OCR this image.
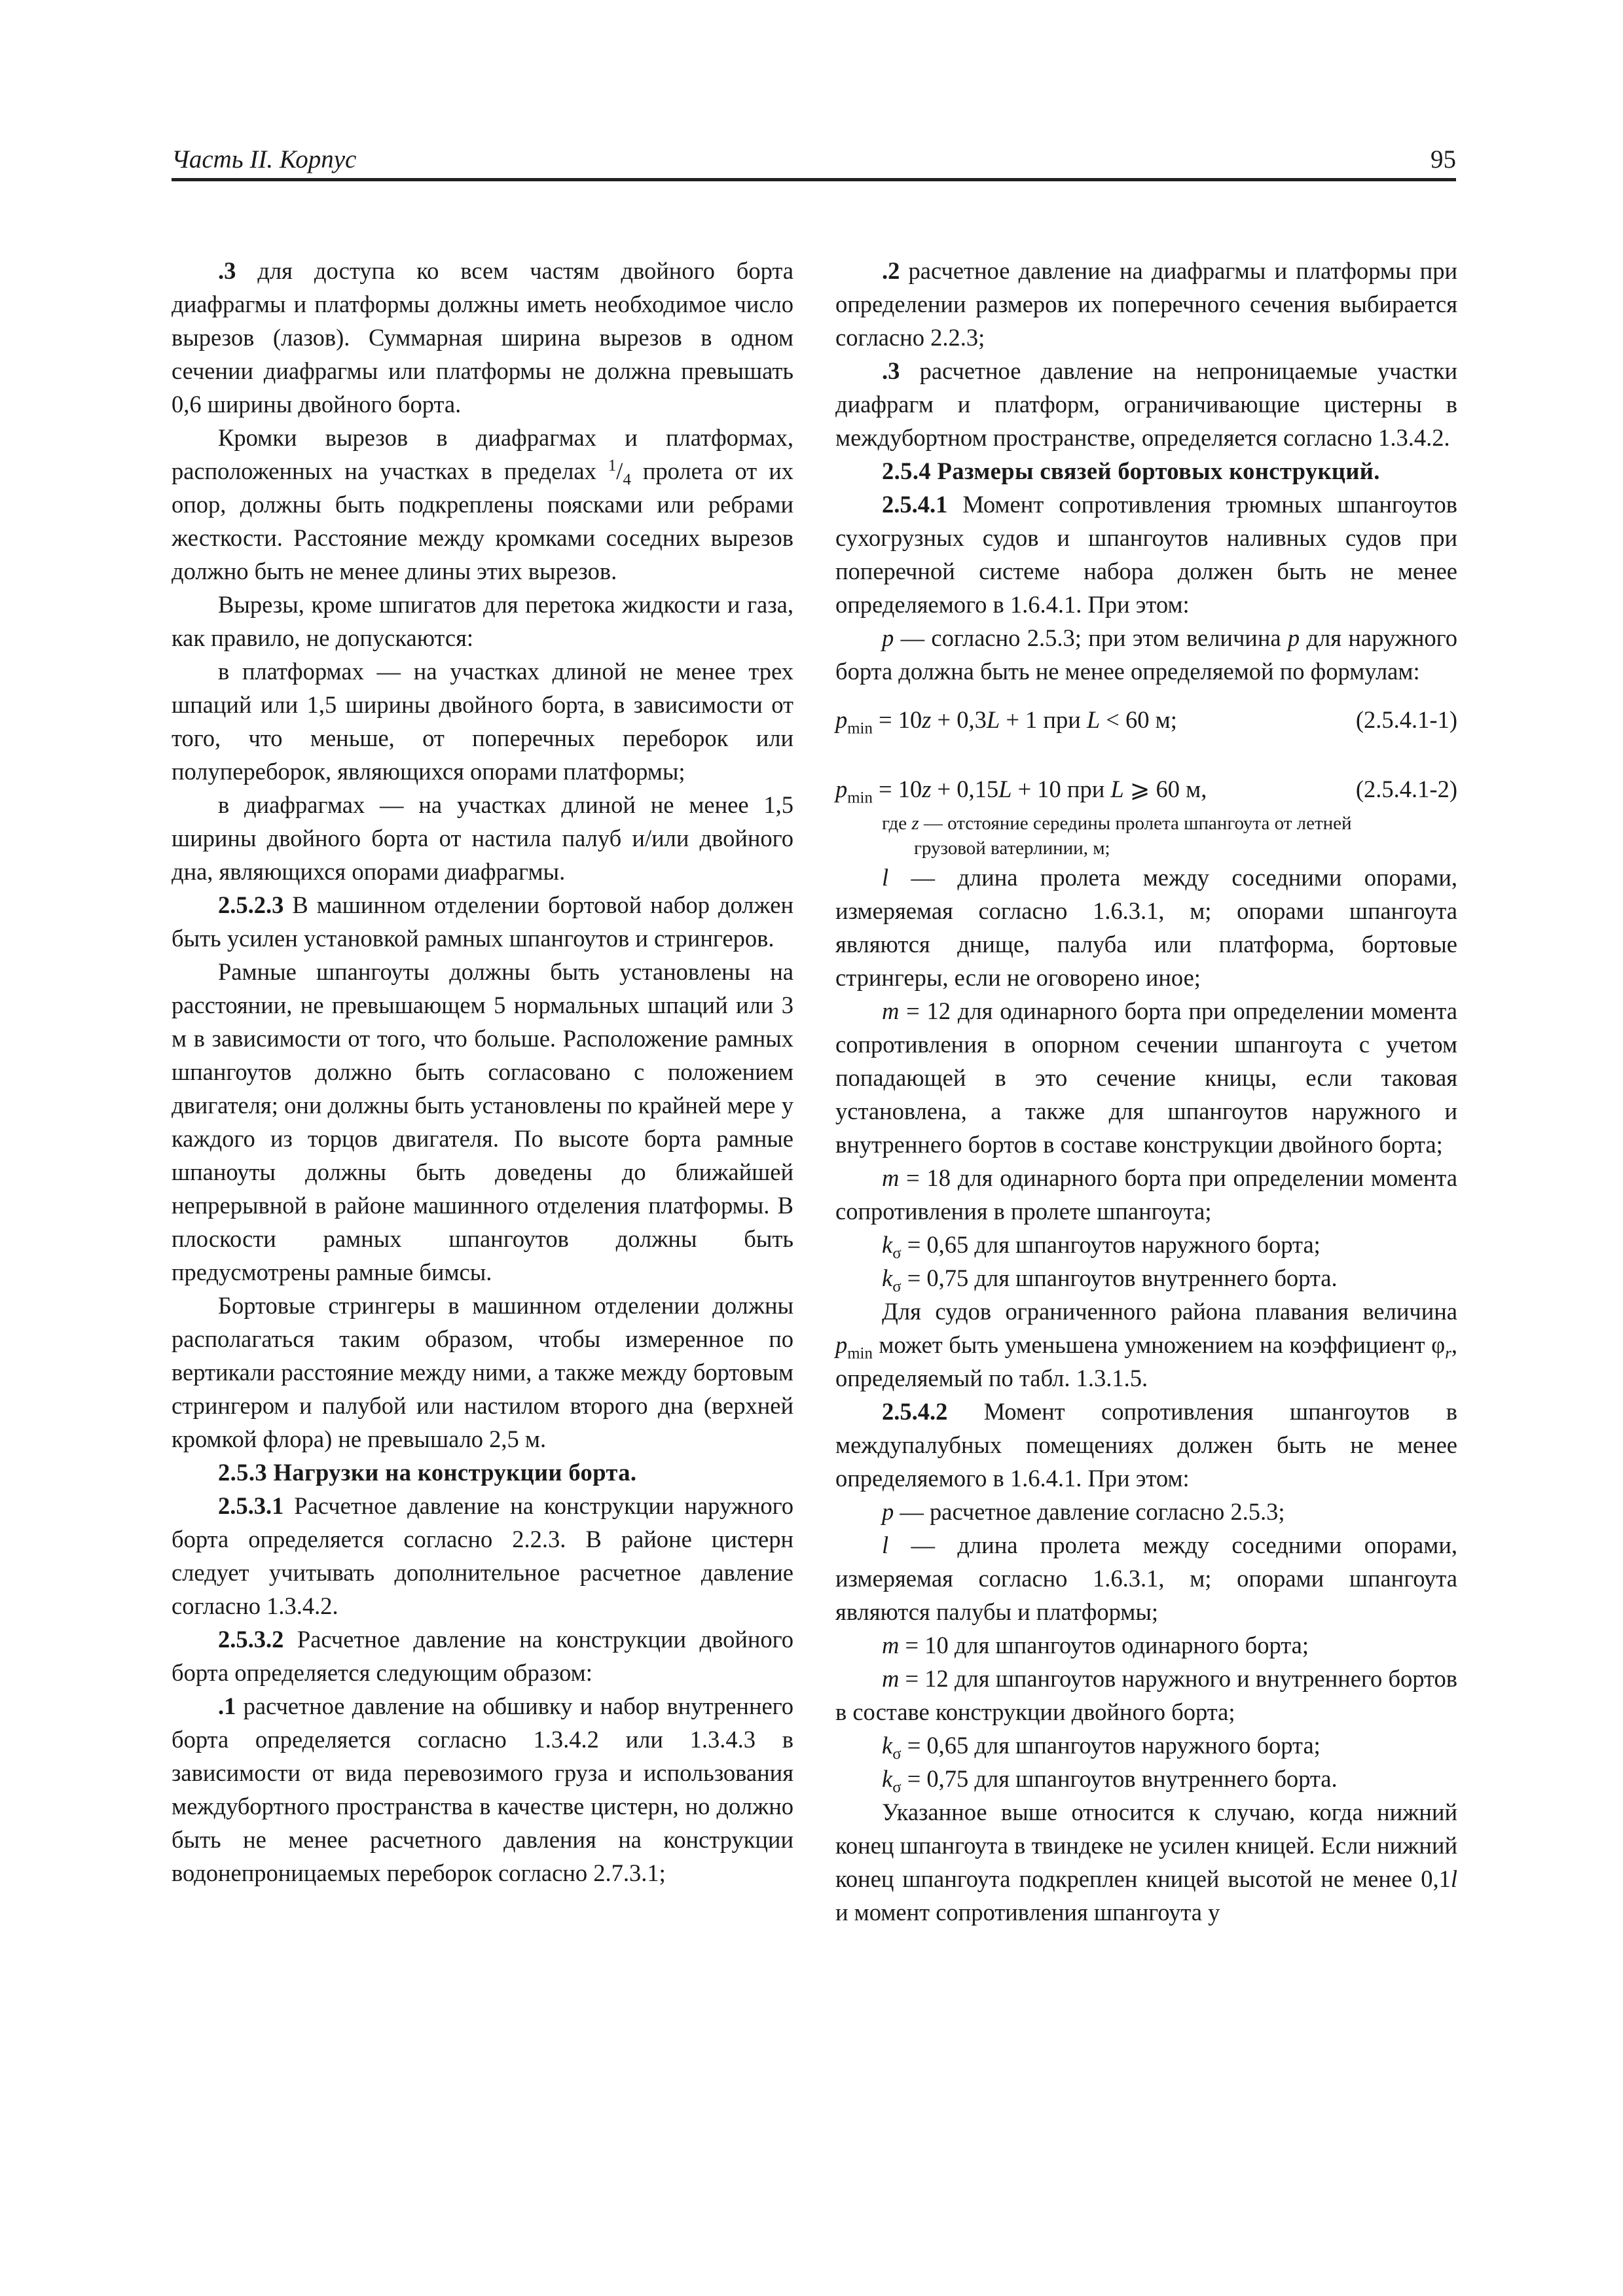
Часть II. Корпус	95

.3 для доступа ко всем частям двойного борта диафрагмы и платформы должны иметь необходимое число вырезов (лазов). Суммарная ширина вырезов в одном сечении диафрагмы или платформы не должна превышать 0,6 ширины двойного борта.

Кромки вырезов в диафрагмах и платформах, расположенных на участках в пределах $^1/_4$ пролета от их опор, должны быть подкреплены поясками или ребрами жесткости. Расстояние между кромками соседних вырезов должно быть не менее длины этих вырезов.

Вырезы, кроме шпигатов для перетока жидкости и газа, как правило, не допускаются:

в платформах — на участках длиной не менее трех шпаций или 1,5 ширины двойного борта, в зависимости от того, что меньше, от поперечных переборок или полупереборок, являющихся опорами платформы;

в диафрагмах — на участках длиной не менее 1,5 ширины двойного борта от настила палуб и/или двойного дна, являющихся опорами диафрагмы.

2.5.2.3 В машинном отделении бортовой набор должен быть усилен установкой рамных шпангоутов и стрингеров.

Рамные шпангоуты должны быть установлены на расстоянии, не превышающем 5 нормальных шпаций или 3 м в зависимости от того, что больше. Расположение рамных шпангоутов должно быть согласовано с положением двигателя; они должны быть установлены по крайней мере у каждого из торцов двигателя. По высоте борта рамные шпаноуты должны быть доведены до ближайшей непрерывной в районе машинного отделения платформы. В плоскости рамных шпангоутов должны быть предусмотрены рамные бимсы.

Бортовые стрингеры в машинном отделении должны располагаться таким образом, чтобы измеренное по вертикали расстояние между ними, а также между бортовым стрингером и палубой или настилом второго дна (верхней кромкой флора) не превышало 2,5 м.

2.5.3 Нагрузки на конструкции борта.

2.5.3.1 Расчетное давление на конструкции наружного борта определяется согласно 2.2.3. В районе цистерн следует учитывать дополнительное расчетное давление согласно 1.3.4.2.

2.5.3.2 Расчетное давление на конструкции двойного борта определяется следующим образом:

.1 расчетное давление на обшивку и набор внутреннего борта определяется согласно 1.3.4.2 или 1.3.4.3 в зависимости от вида перевозимого груза и использования междубортного пространства в качестве цистерн, но должно быть не менее расчетного давления на конструкции водонепроницаемых переборок согласно 2.7.3.1;

.2 расчетное давление на диафрагмы и платформы при определении размеров их поперечного сечения выбирается согласно 2.2.3;

.3 расчетное давление на непроницаемые участки диафрагм и платформ, ограничивающие цистерны в междубортном пространстве, определяется согласно 1.3.4.2.

2.5.4 Размеры связей бортовых конструкций.

2.5.4.1 Момент сопротивления трюмных шпангоутов сухогрузных судов и шпангоутов наливных судов при поперечной системе набора должен быть не менее определяемого в 1.6.4.1. При этом:

p — согласно 2.5.3; при этом величина p для наружного борта должна быть не менее определяемой по формулам:

$p_{min} = 10z + 0,3L + 1$ при L < 60 м;	(2.5.4.1-1)
$p_{min} = 10z + 0,15L + 10$ при L ⩾ 60 м,	(2.5.4.1-2)

где z — отстояние середины пролета шпангоута от летней
грузовой ватерлинии, м;

l — длина пролета между соседними опорами, измеряемая согласно 1.6.3.1, м; опорами шпангоута являются днище, палуба или платформа, бортовые стрингеры, если не оговорено иное;

m = 12 для одинарного борта при определении момента сопротивления в опорном сечении шпангоута с учетом попадающей в это сечение кницы, если таковая установлена, а также для шпангоутов наружного и внутреннего бортов в составе конструкции двойного борта;

m = 18 для одинарного борта при определении момента сопротивления в пролете шпангоута;

$k_\sigma = 0,65$ для шпангоутов наружного борта;

$k_\sigma = 0,75$ для шпангоутов внутреннего борта.

Для судов ограниченного района плавания величина $p_{min}$ может быть уменьшена умножением на коэффициент $\varphi_r$, определяемый по табл. 1.3.1.5.

2.5.4.2 Момент сопротивления шпангоутов в междупалубных помещениях должен быть не менее определяемого в 1.6.4.1. При этом:

p — расчетное давление согласно 2.5.3;

l — длина пролета между соседними опорами, измеряемая согласно 1.6.3.1, м; опорами шпангоута являются палубы и платформы;

m = 10 для шпангоутов одинарного борта;

m = 12 для шпангоутов наружного и внутреннего бортов в составе конструкции двойного борта;

$k_\sigma = 0,65$ для шпангоутов наружного борта;

$k_\sigma = 0,75$ для шпангоутов внутреннего борта.

Указанное выше относится к случаю, когда нижний конец шпангоута в твиндеке не усилен кницей. Если нижний конец шпангоута подкреплен кницей высотой не менее 0,1l и момент сопротивления шпангоута у
